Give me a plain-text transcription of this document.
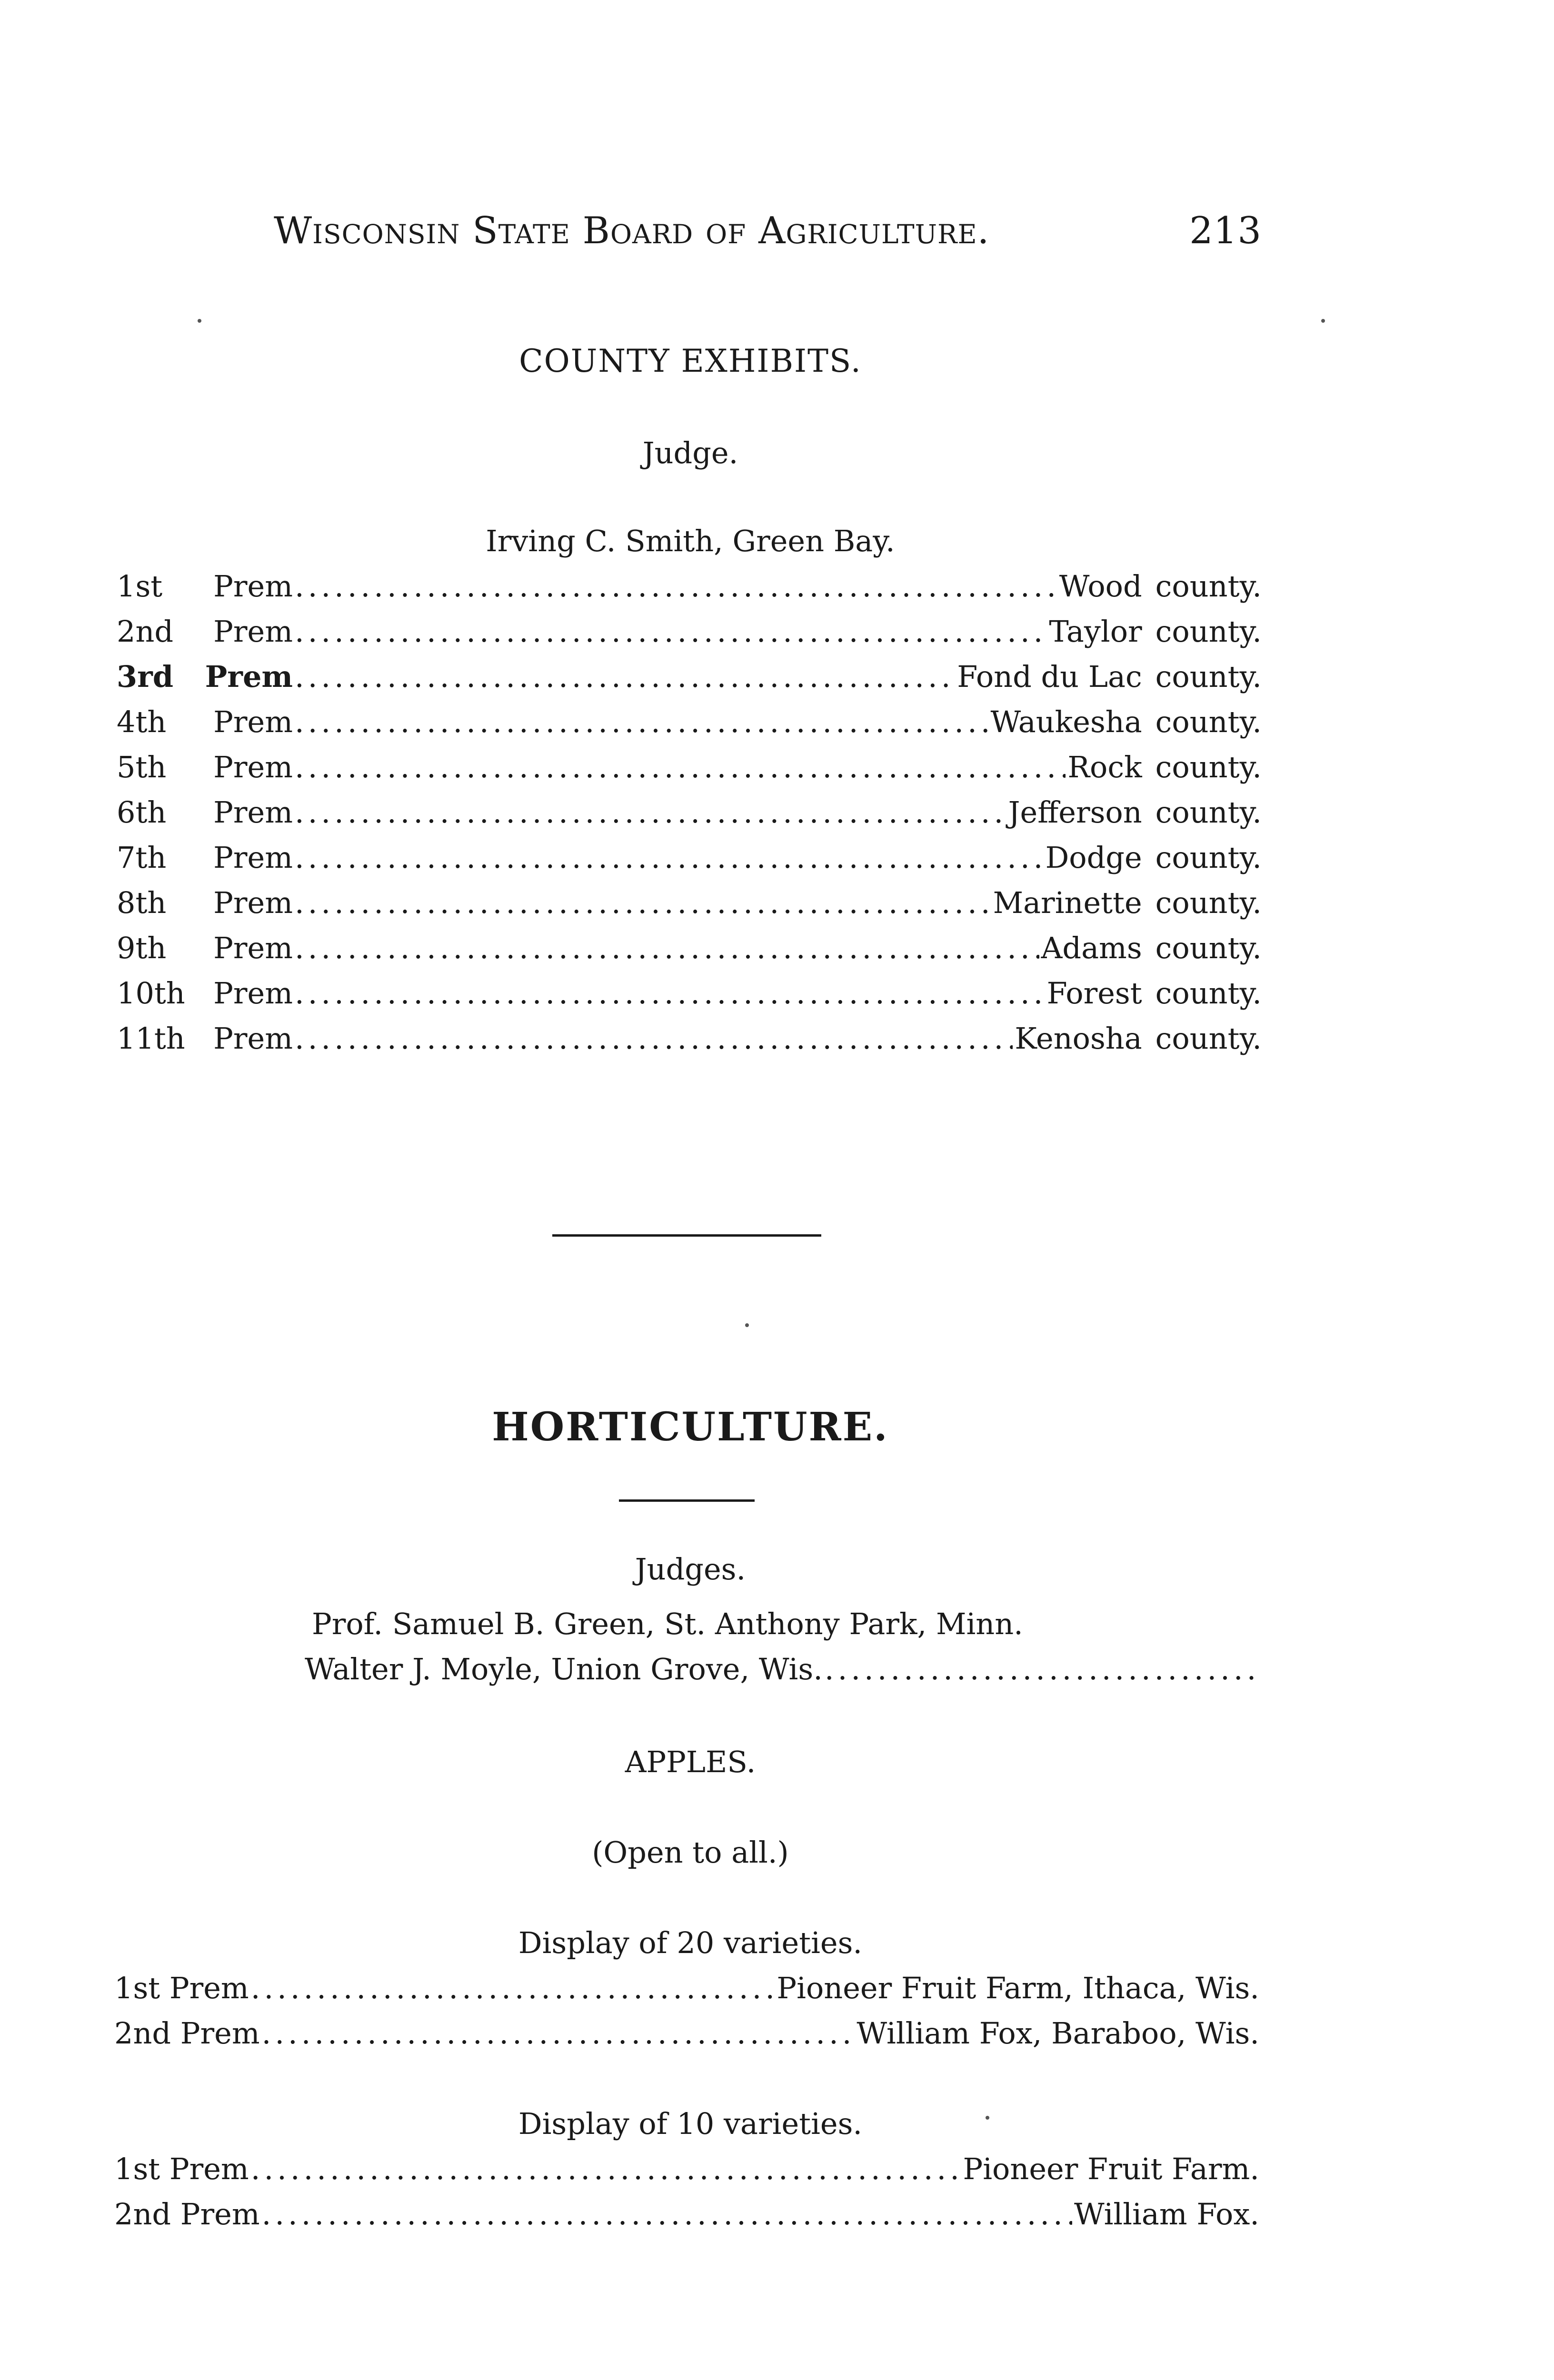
Wisconsin State Board of Agriculture.	213
COUNTY EXHIBITS.
Judge.
Irving C. Smith, Green Bay.
1st Prem .....	Wood county.
2nd Prem .....	Taylor county.
3rd Prem .....	Fond du Lac county.
4th Prem .....	Waukesha county.
5th Prem .....	Rock county.
6th Prem .....	Jefferson county.
7th Prem .....	Dodge county.
8th Prem .....	Marinette county.
9th Prem .....	Adams county.
10th Prem .....	Forest county.
11th Prem .....	Kenosha county.
HORTICULTURE.
Judges.
Prof. Samuel B. Green, St. Anthony Park, Minn.
Walter J. Moyle, Union Grove, Wis.
.....
APPLES.
(Open to all.)
Display of 20 varieties.
1st Prem .....	Pioneer Fruit Farm, Ithaca, Wis.
2nd Prem .....	William Fox, Baraboo, Wis.
Display of 10 varieties.
1st Prem .....	Pioneer Fruit Farm.
2nd Prem .....	William Fox.
